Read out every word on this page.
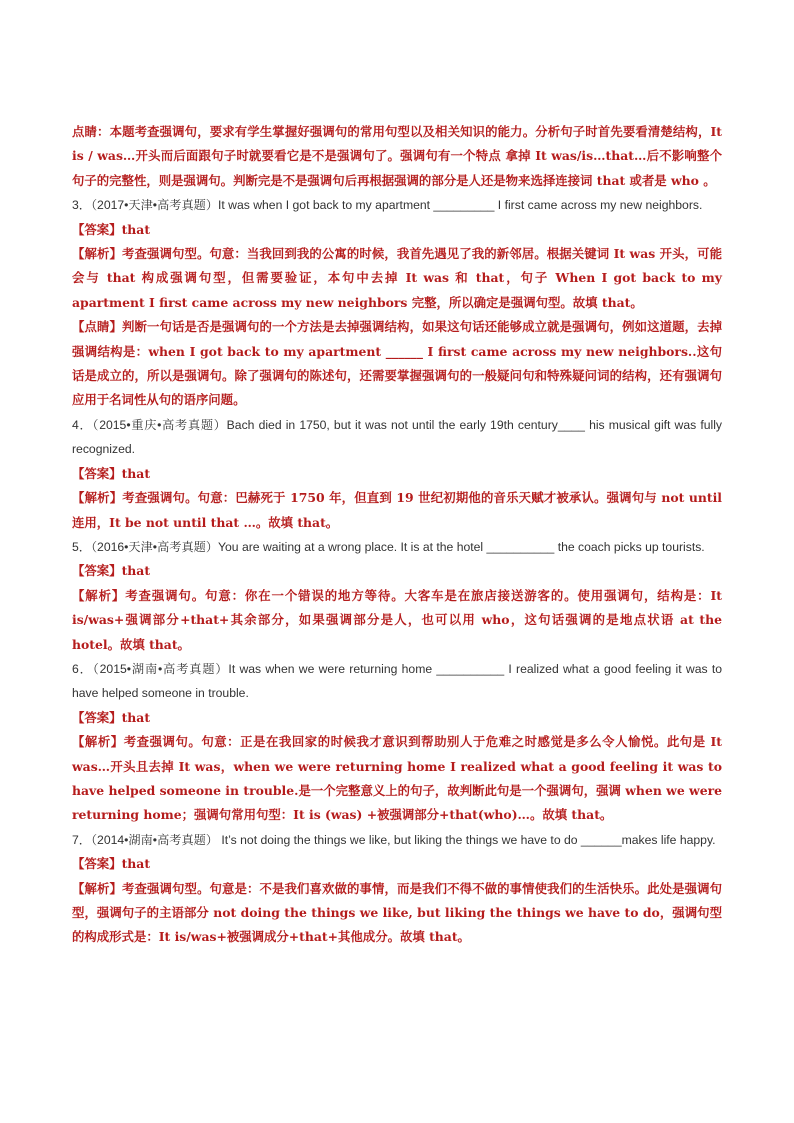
点睛：本题考查强调句，要求有学生掌握好强调句的常用句型以及相关知识的能力。分析句子时首先要看清楚结构，It is / was…开头而后面跟句子时就要看它是不是强调句了。强调句有一个特点 拿掉 It was/is…that…后不影响整个句子的完整性，则是强调句。判断完是不是强调句后再根据强调的部分是人还是物来选择连接词 that 或者是 who 。

3．（2017•天津•高考真题）It was when I got back to my apartment _________ I first came across my new neighbors.

【答案】that

【解析】考查强调句型。句意：当我回到我的公寓的时候，我首先遇见了我的新邻居。根据关键词 It was 开头，可能会与 that 构成强调句型，但需要验证，本句中去掉 It was 和 that，句子 When I got back to my apartment I first came across my new neighbors 完整，所以确定是强调句型。故填 that。

【点睛】判断一句话是否是强调句的一个方法是去掉强调结构，如果这句话还能够成立就是强调句，例如这道题，去掉强调结构是：when I got back to my apartment ______ I first came across my new neighbors..这句话是成立的，所以是强调句。除了强调句的陈述句，还需要掌握强调句的一般疑问句和特殊疑问词的结构，还有强调句应用于名词性从句的语序问题。

4．（2015•重庆•高考真题）Bach died in 1750, but it was not until the early 19th century____ his musical gift was fully recognized.

【答案】that

【解析】考查强调句。句意：巴赫死于 1750 年，但直到 19 世纪初期他的音乐天赋才被承认。强调句与 not until 连用，It be not until that …。故填 that。

5．（2016•天津•高考真题）You are waiting at a wrong place. It is at the hotel __________ the coach picks up tourists.

【答案】that

【解析】考查强调句。句意：你在一个错误的地方等待。大客车是在旅店接送游客的。使用强调句，结构是：It is/was+强调部分+that+其余部分，如果强调部分是人，也可以用 who，这句话强调的是地点状语 at the hotel。故填 that。

6．（2015•湖南•高考真题）It was when we were returning home __________ I realized what a good feeling it was to have helped someone in trouble.

【答案】that

【解析】考查强调句。句意：正是在我回家的时候我才意识到帮助别人于危难之时感觉是多么令人愉悦。此句是 It was…开头且去掉 It was，when we were returning home I realized what a good feeling it was to have helped someone in trouble.是一个完整意义上的句子，故判断此句是一个强调句，强调 when we were returning home；强调句常用句型：It is (was) +被强调部分+that(who)…。故填 that。

7．（2014•湖南•高考真题） It’s not doing the things we like, but liking the things we have to do ______makes life happy.

【答案】that

【解析】考查强调句型。句意是：不是我们喜欢做的事情，而是我们不得不做的事情使我们的生活快乐。此处是强调句型，强调句子的主语部分 not doing the things we like, but liking the things we have to do，强调句型的构成形式是：It is/was+被强调成分+that+其他成分。故填 that。
